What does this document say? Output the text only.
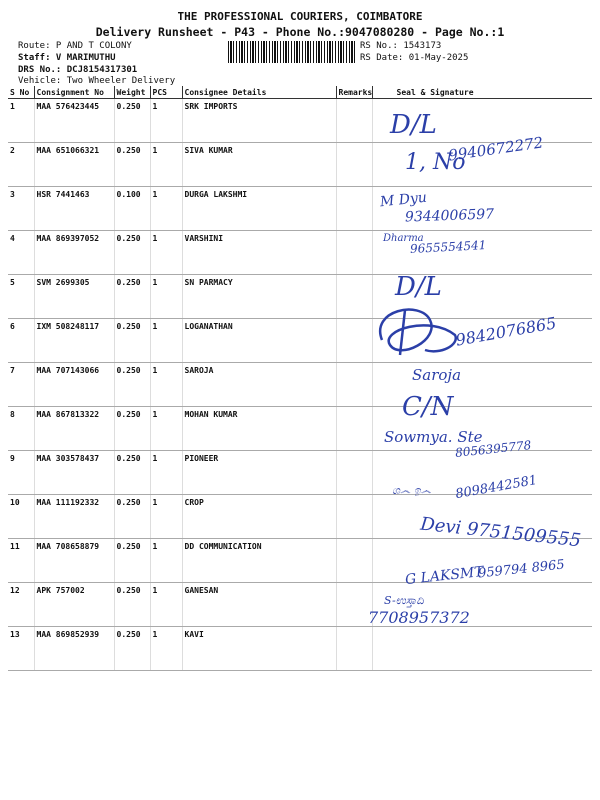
THE PROFESSIONAL COURIERS, COIMBATORE
Delivery Runsheet - P43 - Phone No.:9047080280 - Page No.:1
Route: P AND T COLONY
Staff: V MARIMUTHU
DRS No.: DCJ8154317301
Vehicle: Two Wheeler Delivery
RS No.: 1543173
RS Date: 01-May-2025
S No	Consignment No	Weight	PCS	Consignee Details	Remarks	Seal & Signature
1	MAA 576423445	0.250	1	SRK IMPORTS		
2	MAA 651066321	0.250	1	SIVA KUMAR		
3	HSR 7441463	0.100	1	DURGA LAKSHMI		
4	MAA 869397052	0.250	1	VARSHINI		
5	SVM 2699305	0.250	1	SN PARMACY		
6	IXM 508248117	0.250	1	LOGANATHAN		
7	MAA 707143066	0.250	1	SAROJA		
8	MAA 867813322	0.250	1	MOHAN KUMAR		
9	MAA 303578437	0.250	1	PIONEER		
10	MAA 111192332	0.250	1	CROP		
11	MAA 708658879	0.250	1	DD COMMUNICATION		
12	APK 757002	0.250	1	GANESAN		
13	MAA 869852939	0.250	1	KAVI		
D/L
1, No
9940672272
M Dyu
9344006597
Dharma
9655554541
D/L
9842076865
Saroja
C/N
Sowmya. Ste
8056395778
ශ෴ ඉ෴ 8098442581
Devi 9751509555
G LAKSMT
959794 8965
S-ಉಸ್ತಾದಿ
7708957372
